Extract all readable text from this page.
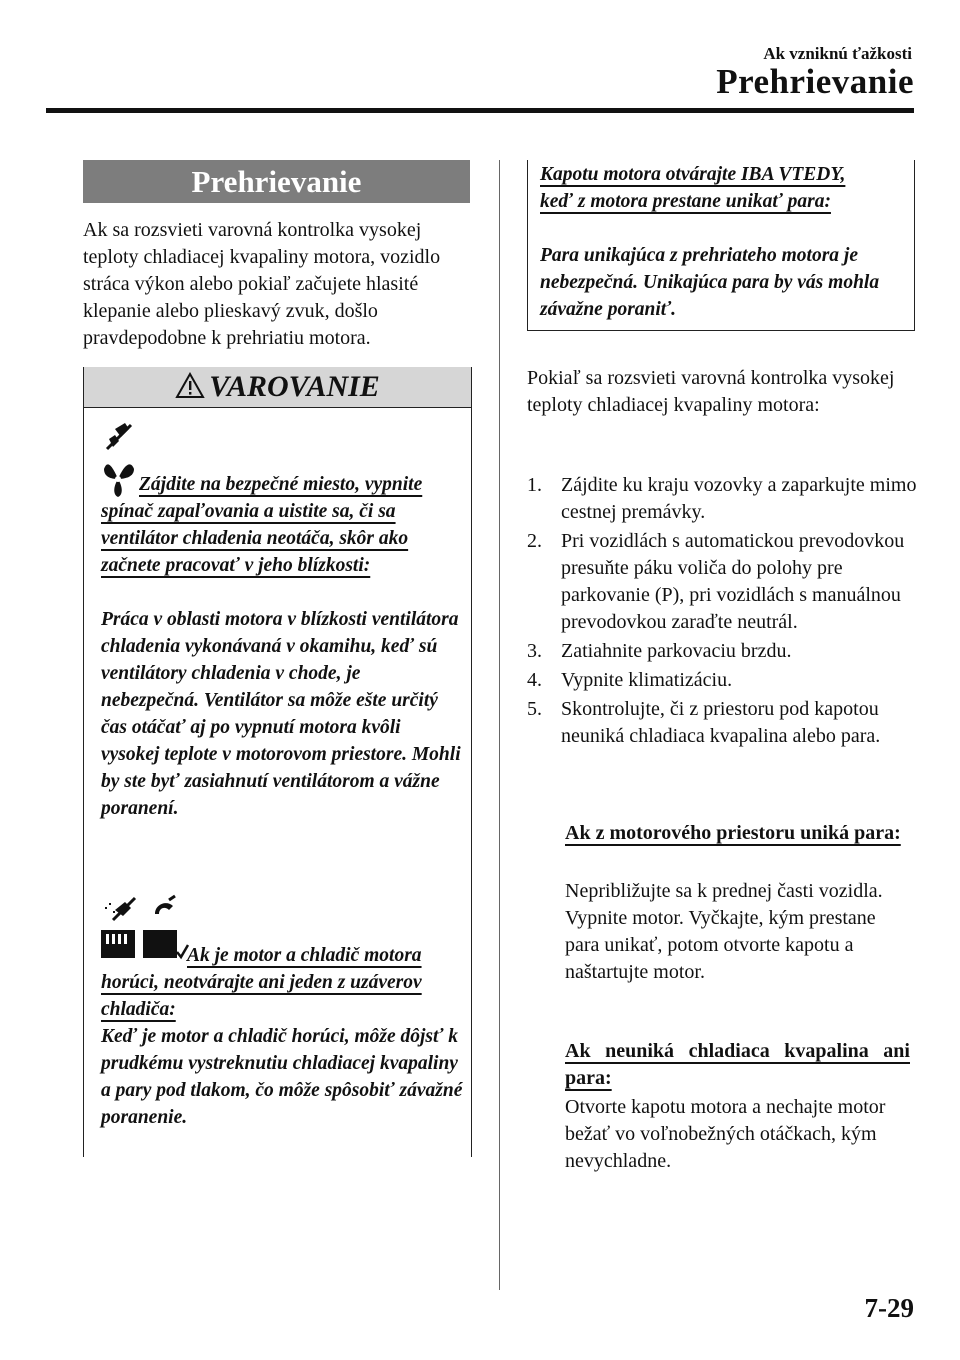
Ak vzniknú ťažkosti
Prehrievanie
Prehrievanie

Ak sa rozsvieti varovná kontrolka vysokej teploty chladiacej kvapaliny motora, vozidlo stráca výkon alebo pokiaľ začujete hlasité klepanie alebo plieskavý zvuk, došlo pravdepodobne k prehriatiu motora.

VAROVANIE
Zájdite na bezpečné miesto, vypnite spínač zapaľovania a uistite sa, či sa ventilátor chladenia neotáča, skôr ako začnete pracovať v jeho blízkosti:
Práca v oblasti motora v blízkosti ventilátora chladenia vykonávaná v okamihu, keď sú ventilátory chladenia v chode, je nebezpečná. Ventilátor sa môže ešte určitý čas otáčať aj po vypnutí motora kvôli vysokej teplote v motorovom priestore. Mohli by ste byť zasiahnutí ventilátorom a vážne poranení.
Ak je motor a chladič motora horúci, neotvárajte ani jeden z uzáverov chladiča:
Keď je motor a chladič horúci, môže dôjsť k prudkému vystreknutiu chladiacej kvapaliny a pary pod tlakom, čo môže spôsobiť závažné poranenie.
Kapotu motora otvárajte IBA VTEDY, keď z motora prestane unikať para:
Para unikajúca z prehriateho motora je nebezpečná. Unikajúca para by vás mohla závažne poraniť.

Pokiaľ sa rozsvieti varovná kontrolka vysokej teploty chladiacej kvapaliny motora:

1. Zájdite ku kraju vozovky a zaparkujte mimo cestnej premávky.
2. Pri vozidlách s automatickou prevodovkou presuňte páku voliča do polohy pre parkovanie (P), pri vozidlách s manuálnou prevodovkou zaraďte neutrál.
3. Zatiahnite parkovaciu brzdu.
4. Vypnite klimatizáciu.
5. Skontrolujte, či z priestoru pod kapotou neuniká chladiaca kvapalina alebo para.
Ak z motorového priestoru uniká para:

Nepribližujte sa k prednej časti vozidla. Vypnite motor. Vyčkajte, kým prestane para unikať, potom otvorte kapotu a naštartujte motor.

Ak neuniká chladiaca kvapalina ani para:

Otvorte kapotu motora a nechajte motor bežať vo voľnobežných otáčkach, kým nevychladne.

7-29
